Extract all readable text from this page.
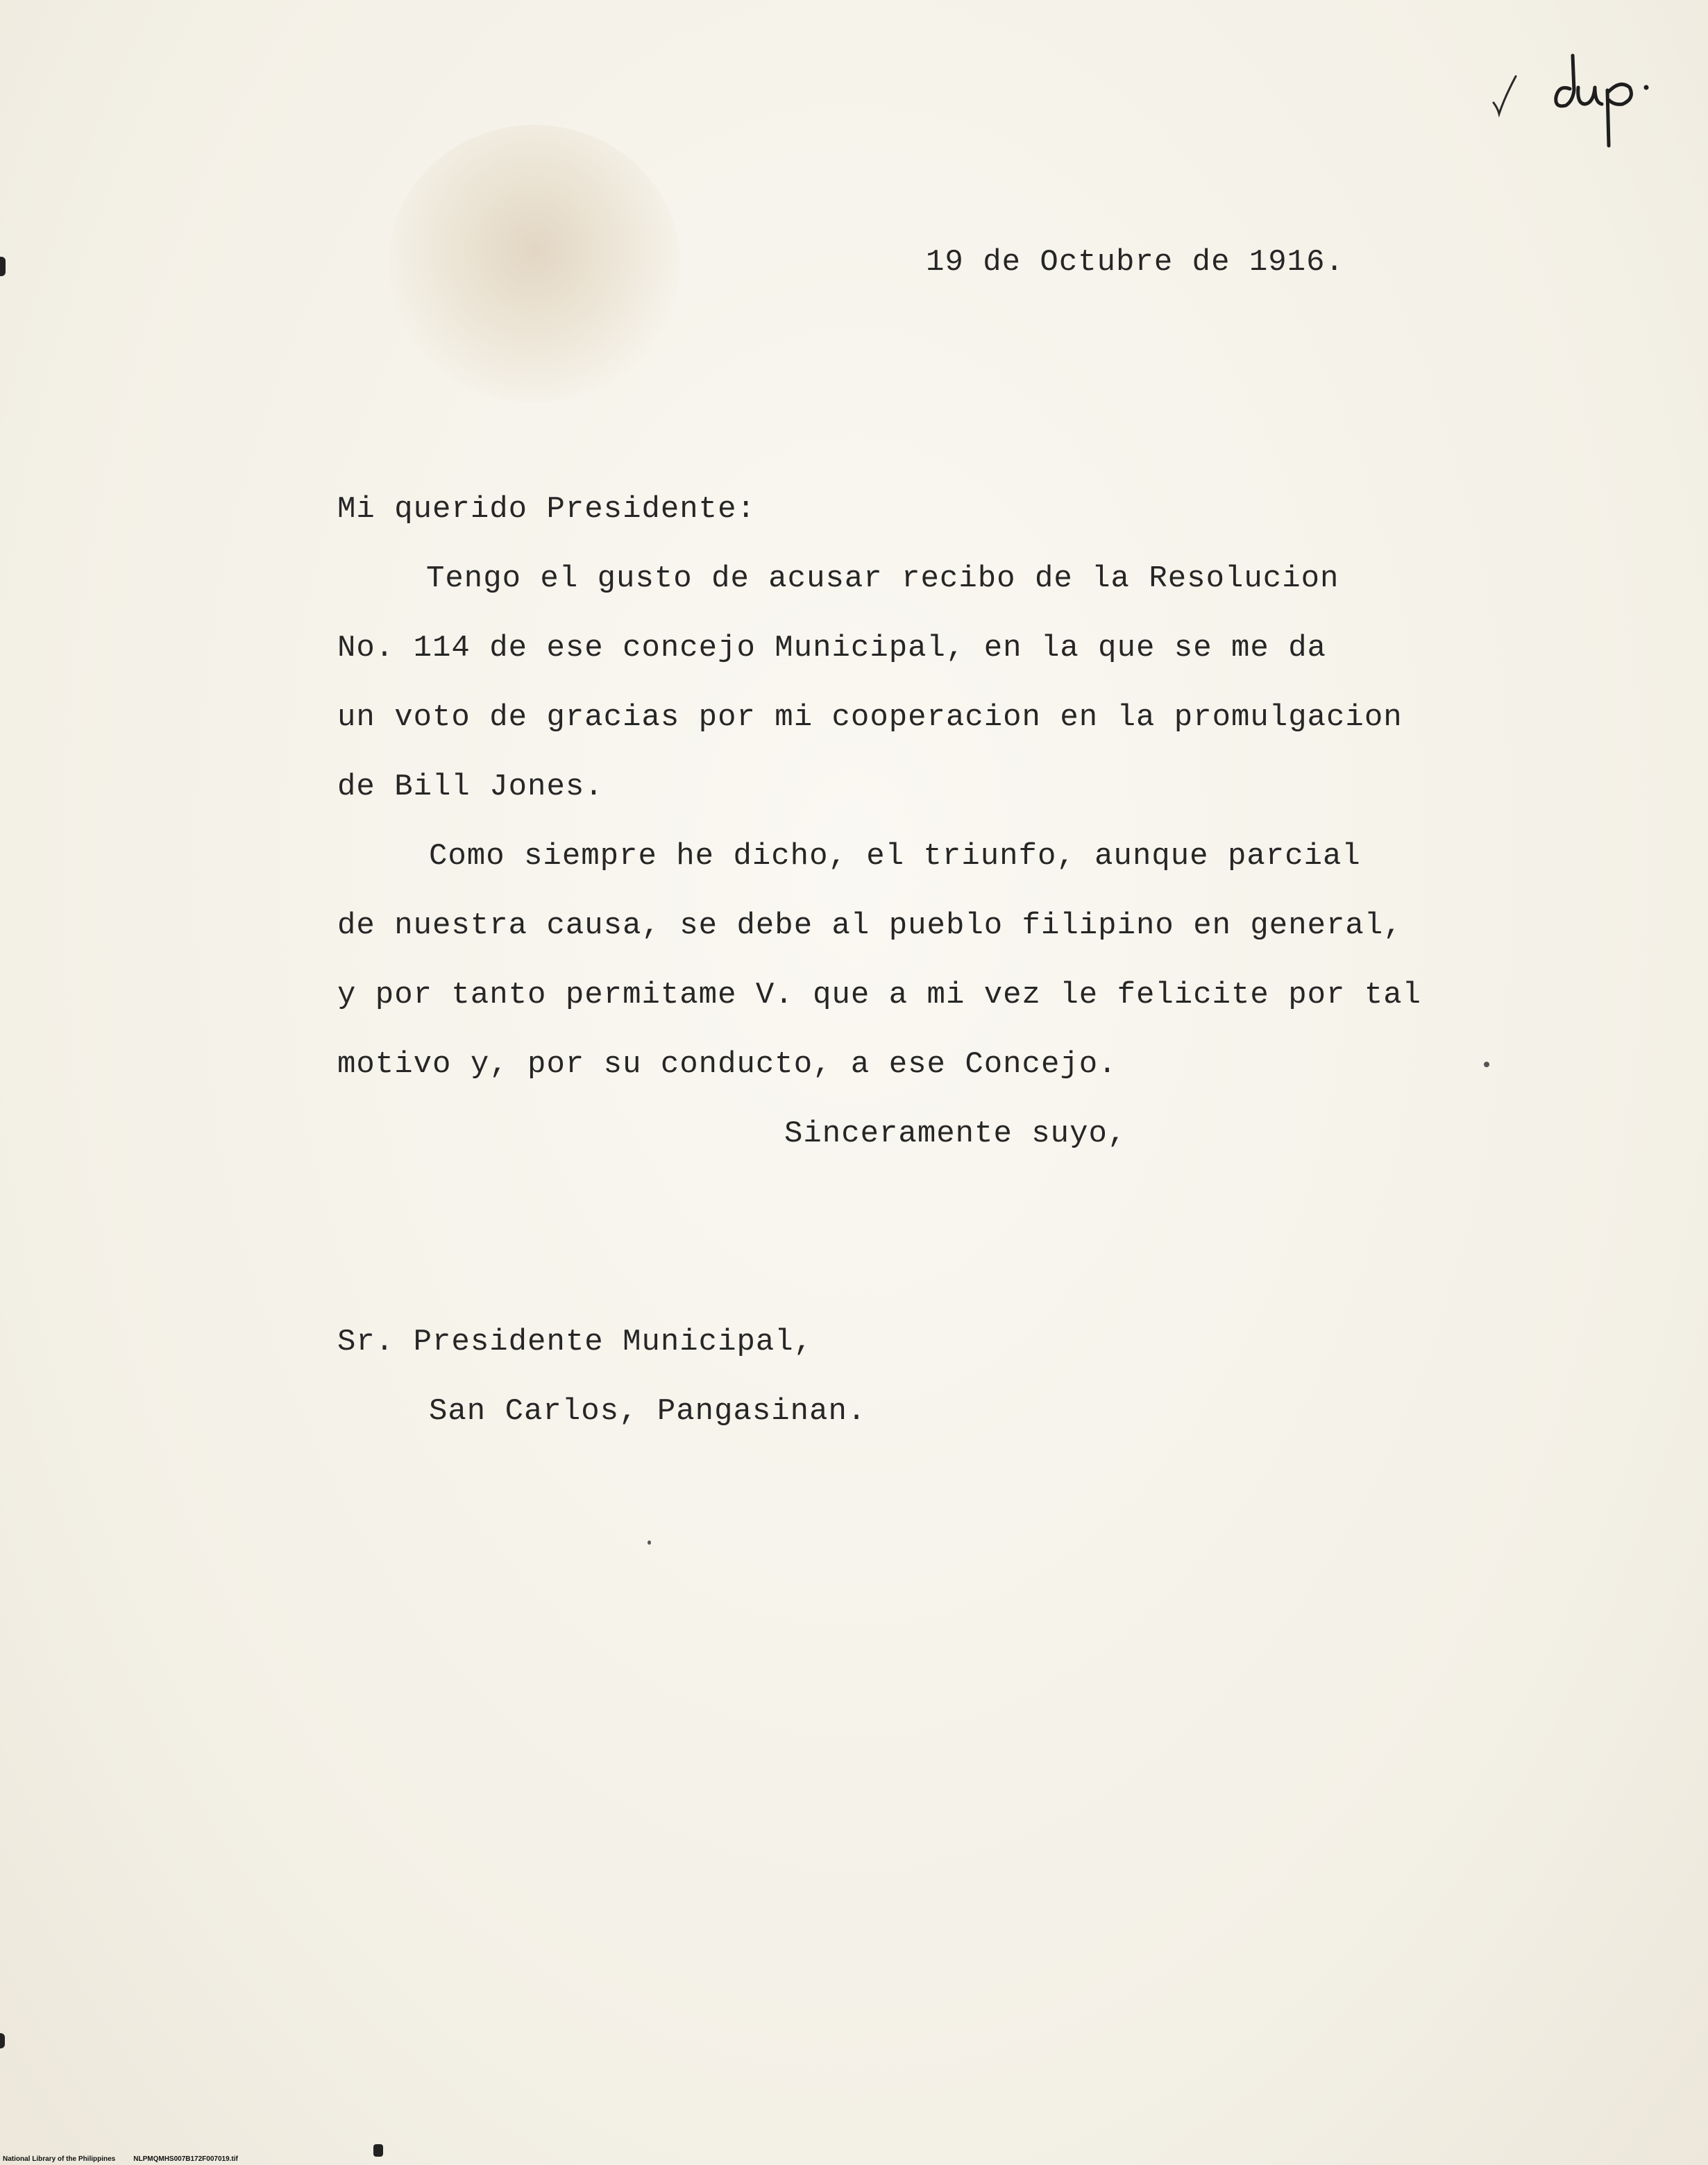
19 de Octubre de 1916.
Mi querido Presidente:
Tengo el gusto de acusar recibo de la Resolucion
No. 114 de ese concejo Municipal, en la que se me da
un voto de gracias por mi cooperacion en la promulgacion
de Bill Jones.
Como siempre he dicho, el triunfo, aunque parcial
de nuestra causa, se debe al pueblo filipino en general,
y por tanto permitame V. que a mi vez le felicite por tal
motivo y, por su conducto, a ese Concejo.
Sinceramente suyo,
Sr. Presidente Municipal,
San Carlos, Pangasinan.
National Library of the Philippines	NLPMQMHS007B172F007019.tif
